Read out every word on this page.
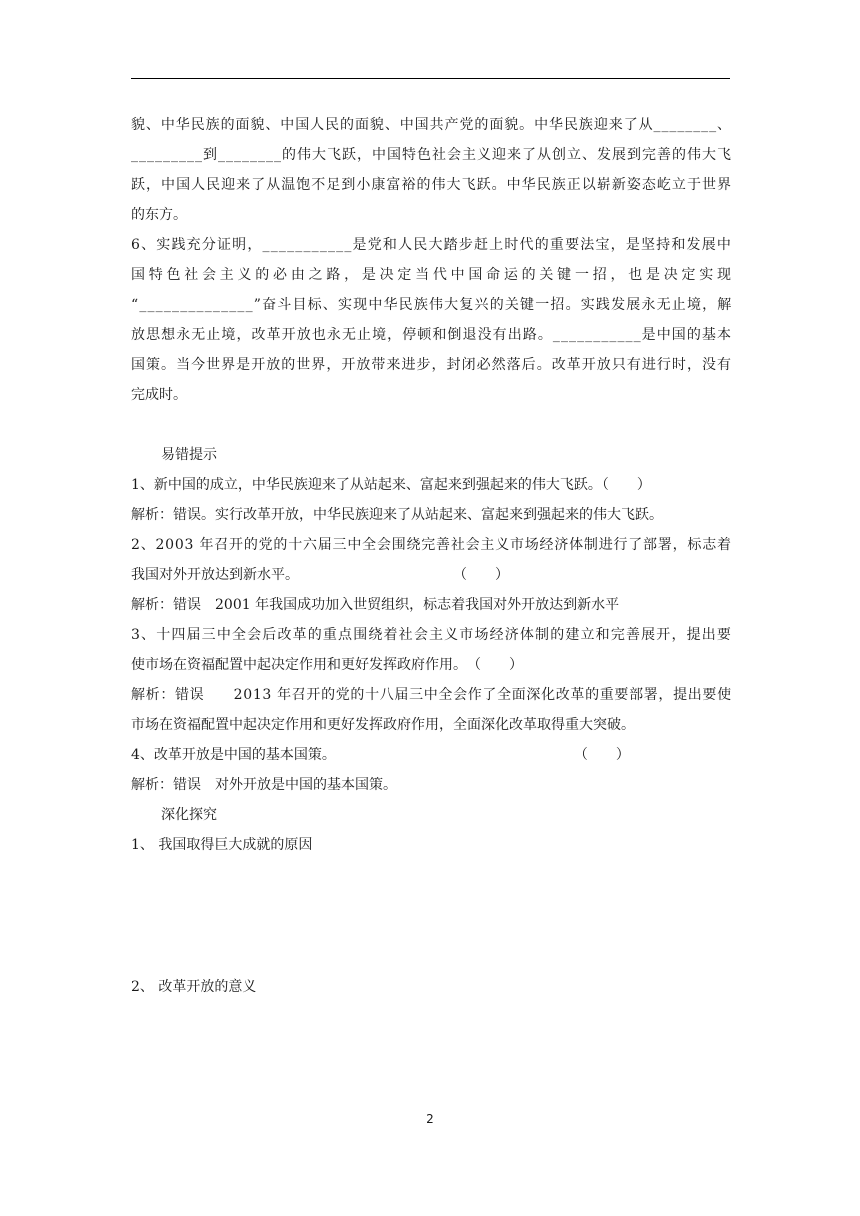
貌、中华民族的面貌、中国人民的面貌、中国共产党的面貌。中华民族迎来了从________、
_________到________的伟大飞跃，中国特色社会主义迎来了从创立、发展到完善的伟大飞
跃，中国人民迎来了从温饱不足到小康富裕的伟大飞跃。中华民族正以崭新姿态屹立于世界
的东方。
6、实践充分证明，___________是党和人民大踏步赶上时代的重要法宝，是坚持和发展中
国特色社会主义的必由之路，是决定当代中国命运的关键一招，也是决定实现
“______________”奋斗目标、实现中华民族伟大复兴的关键一招。实践发展永无止境，解
放思想永无止境，改革开放也永无止境，停顿和倒退没有出路。___________是中国的基本
国策。当今世界是开放的世界，开放带来进步，封闭必然落后。改革开放只有进行时，没有
完成时。
易错提示
1、新中国的成立，中华民族迎来了从站起来、富起来到强起来的伟大飞跃。（　　）
解析：错误。实行改革开放，中华民族迎来了从站起来、富起来到强起来的伟大飞跃。
2、2003 年召开的党的十六届三中全会围绕完善社会主义市场经济体制进行了部署，标志着
我国对外开放达到新水平。　　　　　　　　　　　　（　　）
解析：错误　2001 年我国成功加入世贸组织，标志着我国对外开放达到新水平
3、十四届三中全会后改革的重点围绕着社会主义市场经济体制的建立和完善展开，提出要
使市场在资福配置中起决定作用和更好发挥政府作用。　（　　）
解析：错误　　2013 年召开的党的十八届三中全会作了全面深化改革的重要部署，提出要使
市场在资福配置中起决定作用和更好发挥政府作用，全面深化改革取得重大突破。
4、改革开放是中国的基本国策。　　　　　　　　　　　　　　　　　　（　　）
解析：错误　对外开放是中国的基本国策。
深化探究
1、 我国取得巨大成就的原因
2、 改革开放的意义
2
